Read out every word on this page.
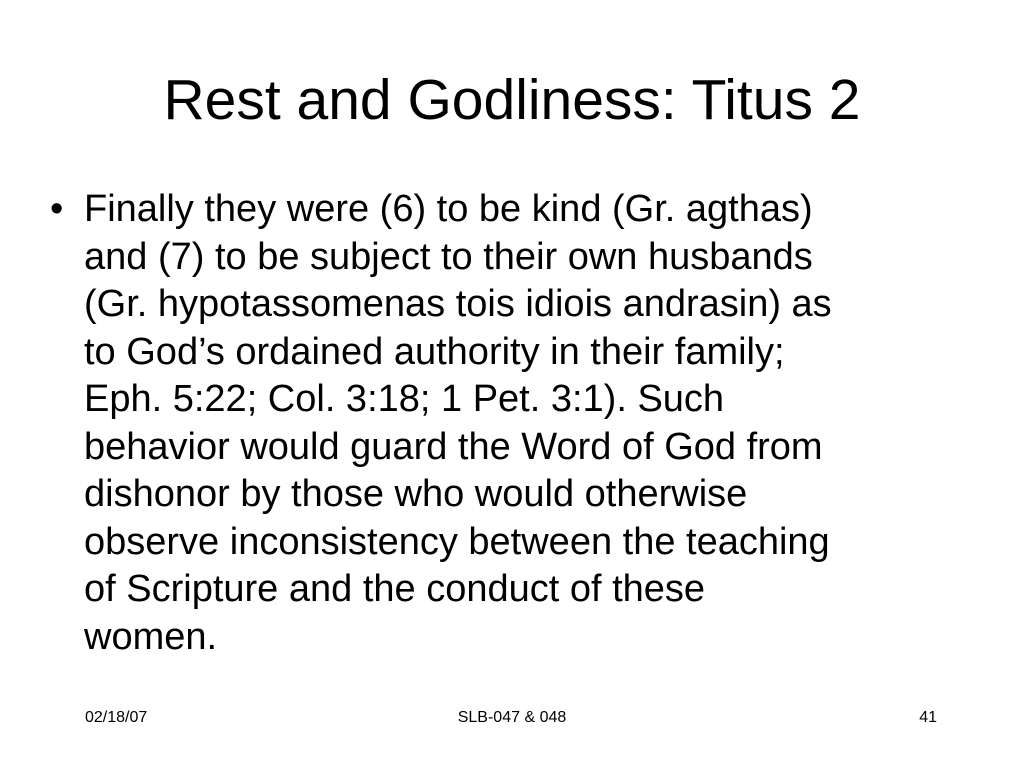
Rest and Godliness: Titus 2
• Finally they were (6) to be kind (Gr. agthas)
and (7) to be subject to their own husbands
(Gr. hypotassomenas tois idiois andrasin) as
to God’s ordained authority in their family;
Eph. 5:22; Col. 3:18; 1 Pet. 3:1). Such
behavior would guard the Word of God from
dishonor by those who would otherwise
observe inconsistency between the teaching
of Scripture and the conduct of these
women.
02/18/07	SLB-047 & 048	41
